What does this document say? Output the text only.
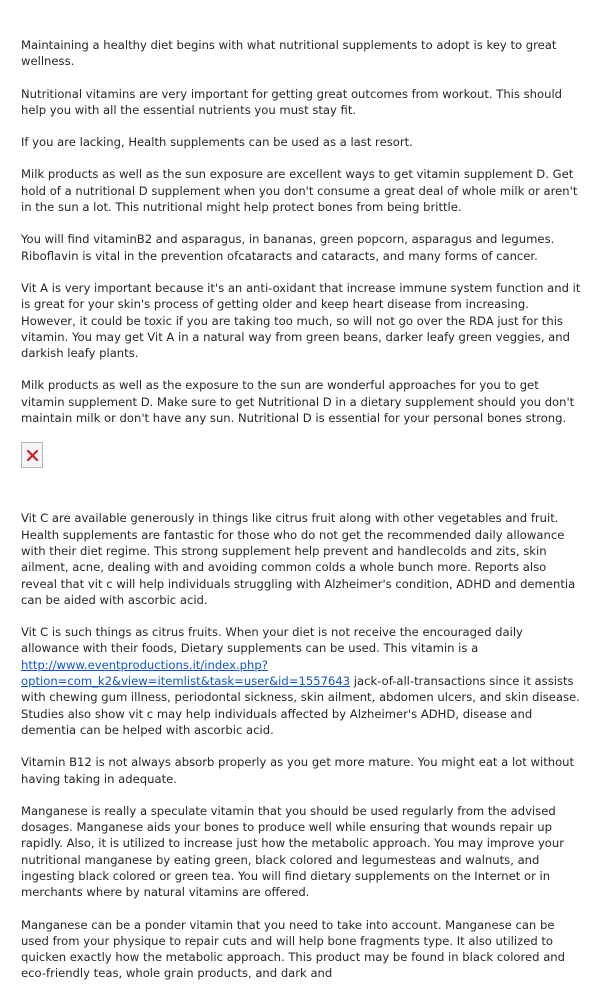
Maintaining a healthy diet begins with what nutritional supplements to adopt is key to great wellness.

Nutritional vitamins are very important for getting great outcomes from workout. This should help you with all the essential nutrients you must stay fit.

If you are lacking, Health supplements can be used as a last resort.

Milk products as well as the sun exposure are excellent ways to get vitamin supplement D. Get hold of a nutritional D supplement when you don't consume a great deal of whole milk or aren't in the sun a lot. This nutritional might help protect bones from being brittle.

You will find vitaminB2 and asparagus, in bananas, green popcorn, asparagus and legumes. Riboflavin is vital in the prevention ofcataracts and cataracts, and many forms of cancer.

Vit A is very important because it's an anti-oxidant that increase immune system function and it is great for your skin's process of getting older and keep heart disease from increasing. However, it could be toxic if you are taking too much, so will not go over the RDA just for this vitamin. You may get Vit A in a natural way from green beans, darker leafy green veggies, and darkish leafy plants.

Milk products as well as the exposure to the sun are wonderful approaches for you to get vitamin supplement D. Make sure to get Nutritional D in a dietary supplement should you don't maintain milk or don't have any sun. Nutritional D is essential for your personal bones strong.

Vit C are available generously in things like citrus fruit along with other vegetables and fruit. Health supplements are fantastic for those who do not get the recommended daily allowance with their diet regime. This strong supplement help prevent and handlecolds and zits, skin ailment, acne, dealing with and avoiding common colds a whole bunch more. Reports also reveal that vit c will help individuals struggling with Alzheimer's condition, ADHD and dementia can be aided with ascorbic acid.

Vit C is such things as citrus fruits. When your diet is not receive the encouraged daily allowance with their foods, Dietary supplements can be used. This vitamin is a http://www.eventproductions.it/index.php?option=com_k2&view=itemlist&task=user&id=1557643 jack-of-all-transactions since it assists with chewing gum illness, periodontal sickness, skin ailment, abdomen ulcers, and skin disease. Studies also show vit c may help individuals affected by Alzheimer's ADHD, disease and dementia can be helped with ascorbic acid.

Vitamin B12 is not always absorb properly as you get more mature. You might eat a lot without having taking in adequate.

Manganese is really a speculate vitamin that you should be used regularly from the advised dosages. Manganese aids your bones to produce well while ensuring that wounds repair up rapidly. Also, it is utilized to increase just how the metabolic approach. You may improve your nutritional manganese by eating green, black colored and legumesteas and walnuts, and ingesting black colored or green tea. You will find dietary supplements on the Internet or in merchants where by natural vitamins are offered.

Manganese can be a ponder vitamin that you need to take into account. Manganese can be used from your physique to repair cuts and will help bone fragments type. It also utilized to quicken exactly how the metabolic approach. This product may be found in black colored and eco-friendly teas, whole grain products, and dark and
